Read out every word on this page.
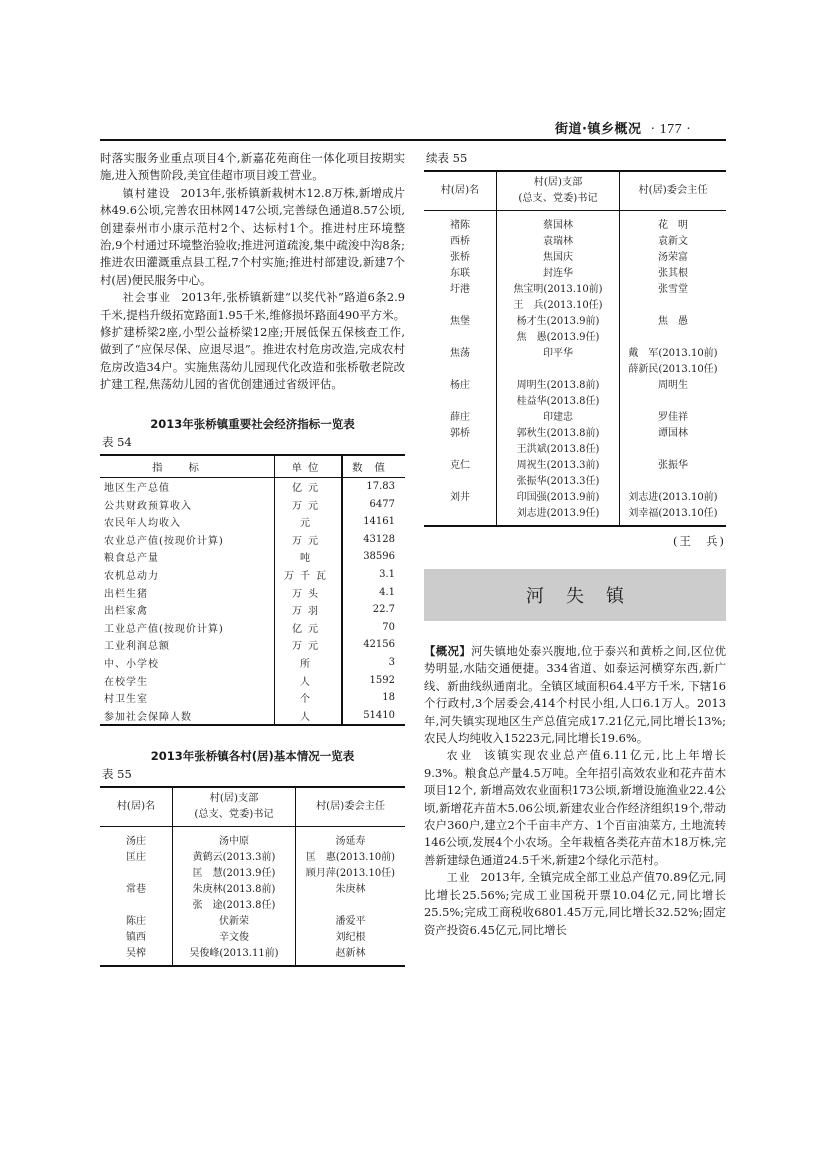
街道·镇乡概况 · 177 ·

时落实服务业重点项目4个,新嘉花苑商住一体化项目按期实施,进入预售阶段,美宜佳超市项目竣工营业。

镇村建设 2013年,张桥镇新栽树木12.8万株,新增成片林49.6公顷,完善农田林网147公顷,完善绿色通道8.57公顷, 创建泰州市小康示范村2个、达标村1个。推进村庄环境整治,9个村通过环境整治验收;推进河道疏浚,集中疏浚中沟8条;推进农田灌溉重点县工程,7个村实施;推进村部建设,新建7个村(居)便民服务中心。

社会事业 2013年,张桥镇新建“以奖代补”路道6条2.9千米,提档升级拓宽路面1.95千米,维修损坏路面490平方米。修扩建桥梁2座,小型公益桥梁12座;开展低保五保核查工作,做到了“应保尽保、应退尽退”。推进农村危房改造,完成农村危房改造34户。实施焦荡幼儿园现代化改造和张桥敬老院改扩建工程,焦荡幼儿园的省优创建通过省级评估。

2013年张桥镇重要社会经济指标一览表

表 54

指标	单位	数值
地区生产总值	亿元	17.83
公共财政预算收入	万元	6477
农民年人均收入	元	14161
农业总产值(按现价计算)	万元	43128
粮食总产量	吨	38596
农机总动力	万千瓦	3.1
出栏生猪	万头	4.1
出栏家禽	万羽	22.7
工业总产值(按现价计算)	亿元	70
工业利润总额	万元	42156
中、小学校	所	3
在校学生	人	1592
村卫生室	个	18
参加社会保障人数	人	51410

2013年张桥镇各村(居)基本情况一览表

表 55

村(居)名	村(居)支部
(总支、党委)书记	村(居)委会主任
汤庄	汤中原	汤延寿
匡庄	黄鹤云(2013.3前)	匡　惠(2013.10前)
	匡　慧(2013.9任)	顾月萍(2013.10任)
常巷	朱庚林(2013.8前)	朱庚林
	张　途(2013.8任)	
陈庄	伏新荣	潘爱平
镇西	辛文俊	刘纪根
吴榨	吴俊峰(2013.11前)	赵新林

续表 55

村(居)名	村(居)支部
(总支、党委)书记	村(居)委会主任
褚陈	蔡国林	花　明
西桥	袁瑞林	袁新文
张桥	焦国庆	汤荣富
东联	封连华	张其根
圩港	焦宝明(2013.10前)	张雪堂
	王　兵(2013.10任)	
焦堡	杨才生(2013.9前)	焦　愚
	焦　愚(2013.9任)	
焦荡	印平华	戴　军(2013.10前)
		薛新民(2013.10任)
杨庄	周明生(2013.8前)	周明生
	桂益华(2013.8任)	
薛庄	印建忠	罗佳祥
郭桥	郭秋生(2013.8前)	谭国林
	王洪斌(2013.8任)	
克仁	周祝生(2013.3前)	张振华
	张振华(2013.3任)	
刘井	印国强(2013.9前)	刘志进(2013.10前)
	刘志进(2013.9任)	刘幸福(2013.10任)

(王　兵)

河失镇

【概况】河失镇地处泰兴腹地,位于泰兴和黄桥之间,区位优势明显,水陆交通便捷。334省道、如泰运河横穿东西,新广线、新曲线纵通南北。全镇区域面积64.4平方千米, 下辖16个行政村,3个居委会,414个村民小组,人口6.1万人。2013年,河失镇实现地区生产总值完成17.21亿元,同比增长13%;农民人均纯收入15223元,同比增长19.6%。

农业 该镇实现农业总产值6.11亿元,比上年增长9.3%。粮食总产量4.5万吨。全年招引高效农业和花卉苗木项目12个, 新增高效农业面积173公顷,新增设施渔业22.4公顷,新增花卉苗木5.06公顷,新建农业合作经济组织19个,带动农户360户,建立2个千亩丰产方、1个百亩油菜方, 土地流转146公顷,发展4个小农场。全年栽植各类花卉苗木18万株,完善新建绿色通道24.5千米,新建2个绿化示范村。

工业 2013年, 全镇完成全部工业总产值70.89亿元,同比增长25.56%;完成工业国税开票10.04亿元,同比增长25.5%;完成工商税收6801.45万元,同比增长32.52%;固定资产投资6.45亿元,同比增长
